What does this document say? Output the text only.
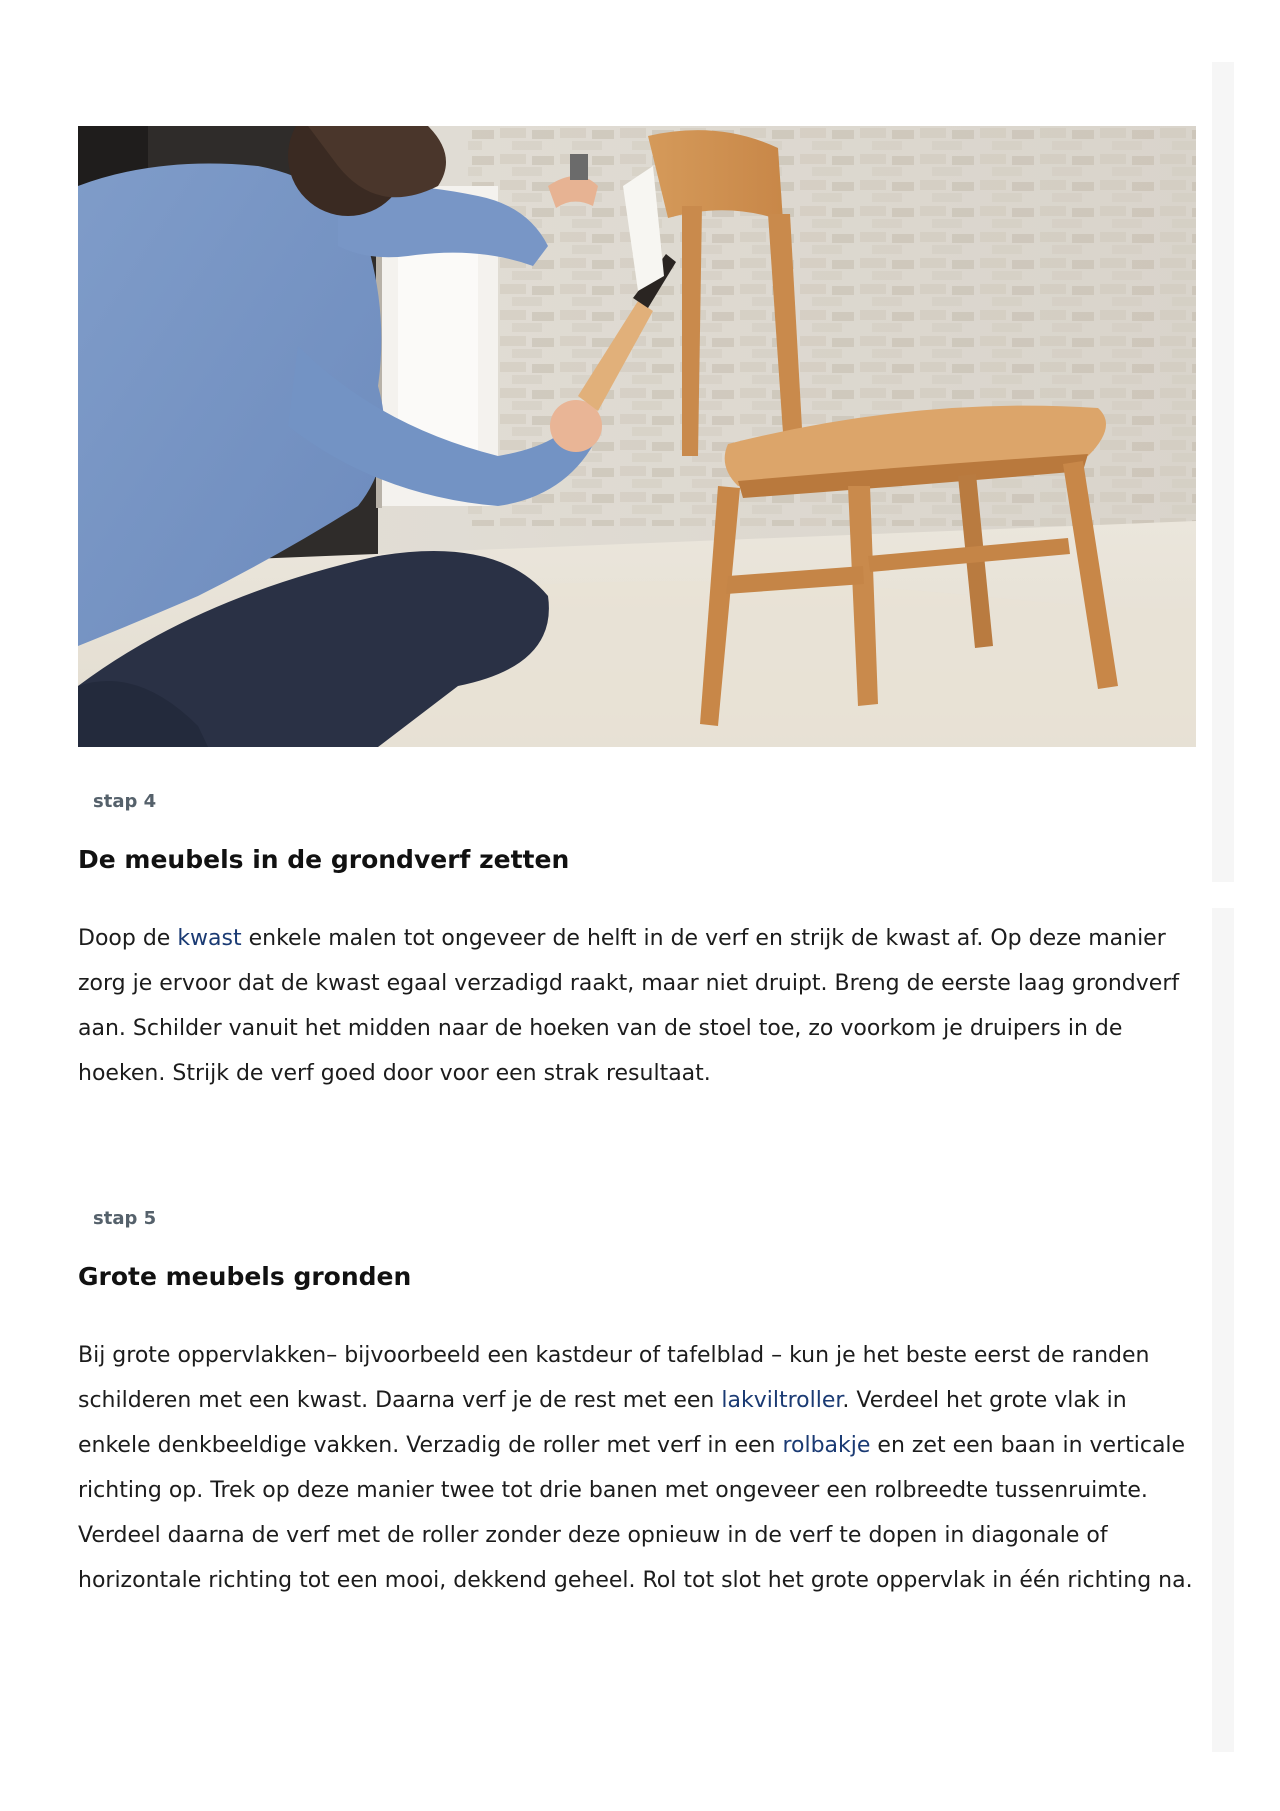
stap 4
De meubels in de grondverf zetten

Doop de kwast enkele malen tot ongeveer de helft in de verf en strijk de kwast af. Op deze manier zorg je ervoor dat de kwast egaal verzadigd raakt, maar niet druipt. Breng de eerste laag grondverf aan. Schilder vanuit het midden naar de hoeken van de stoel toe, zo voorkom je druipers in de hoeken. Strijk de verf goed door voor een strak resultaat.

stap 5
Grote meubels gronden

Bij grote oppervlakken– bijvoorbeeld een kastdeur of tafelblad – kun je het beste eerst de randen schilderen met een kwast. Daarna verf je de rest met een lakviltroller. Verdeel het grote vlak in enkele denkbeeldige vakken. Verzadig de roller met verf in een rolbakje en zet een baan in verticale richting op. Trek op deze manier twee tot drie banen met ongeveer een rolbreedte tussenruimte. Verdeel daarna de verf met de roller zonder deze opnieuw in de verf te dopen in diagonale of horizontale richting tot een mooi, dekkend geheel. Rol tot slot het grote oppervlak in één richting na.
